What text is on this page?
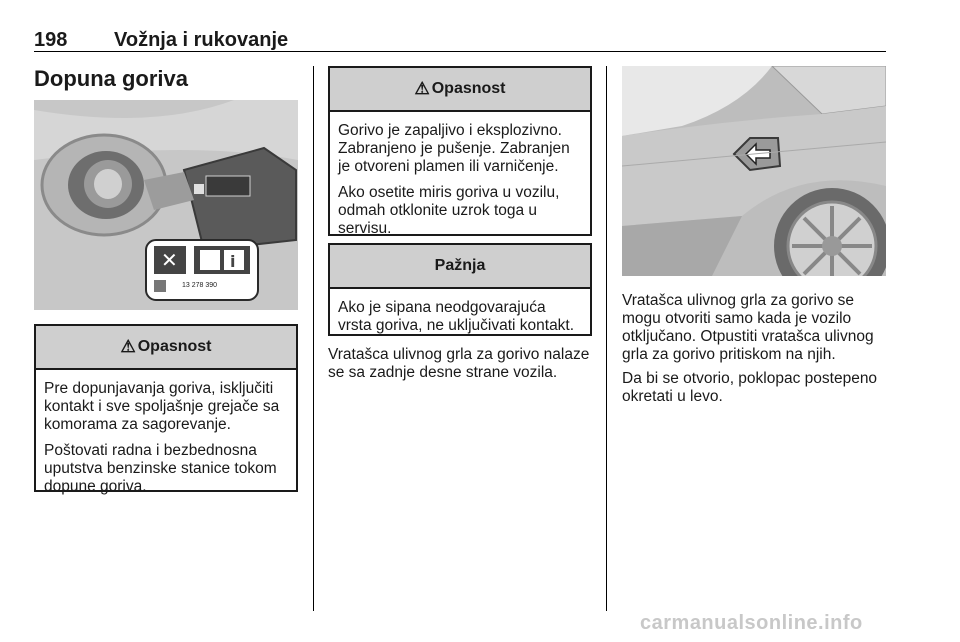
198 Vožnja i rukovanje
Dopuna goriva
✕	i
13 278 390
⚠ Opasnost

Pre dopunjavanja goriva, isključiti kontakt i sve spoljašnje grejače sa komorama za sagorevanje.

Poštovati radna i bezbednosna uputstva benzinske stanice tokom dopune goriva.

⚠ Opasnost

Gorivo je zapaljivo i eksplozivno. Zabranjeno je pušenje. Zabranjen je otvoreni plamen ili varničenje.

Ako osetite miris goriva u vozilu, odmah otklonite uzrok toga u servisu.

Pažnja

Ako je sipana neodgovarajuća vrsta goriva, ne uključivati kontakt.

Vratašca ulivnog grla za gorivo nalaze se sa zadnje desne strane vozila.

Vratašca ulivnog grla za gorivo se mogu otvoriti samo kada je vozilo otključano. Otpustiti vratašca ulivnog grla za gorivo pritiskom na njih.

Da bi se otvorio, poklopac postepeno okretati u levo.

carmanualsonline.info
